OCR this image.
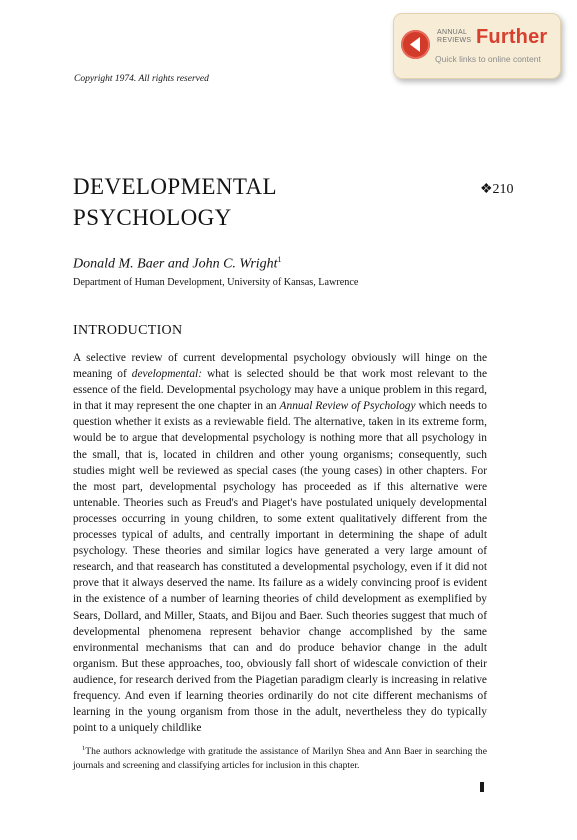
ANNUAL
REVIEWS Further
Quick links to online content
Copyright 1974. All rights reserved
DEVELOPMENTAL
PSYCHOLOGY
❖210
Donald M. Baer and John C. Wright$^1$
Department of Human Development, University of Kansas, Lawrence
INTRODUCTION

A selective review of current developmental psychology obviously will hinge on the meaning of developmental: what is selected should be that work most relevant to the essence of the field. Developmental psychology may have a unique problem in this regard, in that it may represent the one chapter in an Annual Review of Psychology which needs to question whether it exists as a reviewable field. The alternative, taken in its extreme form, would be to argue that developmental psychology is nothing more that all psychology in the small, that is, located in children and other young organisms; consequently, such studies might well be reviewed as special cases (the young cases) in other chapters. For the most part, developmental psychology has proceeded as if this alternative were untenable. Theories such as Freud's and Piaget's have postulated uniquely developmental processes occurring in young children, to some extent qualitatively different from the processes typical of adults, and centrally important in determining the shape of adult psychology. These theories and similar logics have generated a very large amount of research, and that reasearch has constituted a developmental psychology, even if it did not prove that it always deserved the name. Its failure as a widely convincing proof is evident in the existence of a number of learning theories of child development as exemplified by Sears, Dollard, and Miller, Staats, and Bijou and Baer. Such theories suggest that much of developmental phenomena represent behavior change accomplished by the same environmental mechanisms that can and do produce behavior change in the adult organism. But these approaches, too, obviously fall short of widescale conviction of their audience, for research derived from the Piagetian paradigm clearly is increasing in relative frequency. And even if learning theories ordinarily do not cite different mechanisms of learning in the young organism from those in the adult, nevertheless they do typically point to a uniquely childlike

$^1$The authors acknowledge with gratitude the assistance of Marilyn Shea and Ann Baer in searching the journals and screening and classifying articles for inclusion in this chapter.
